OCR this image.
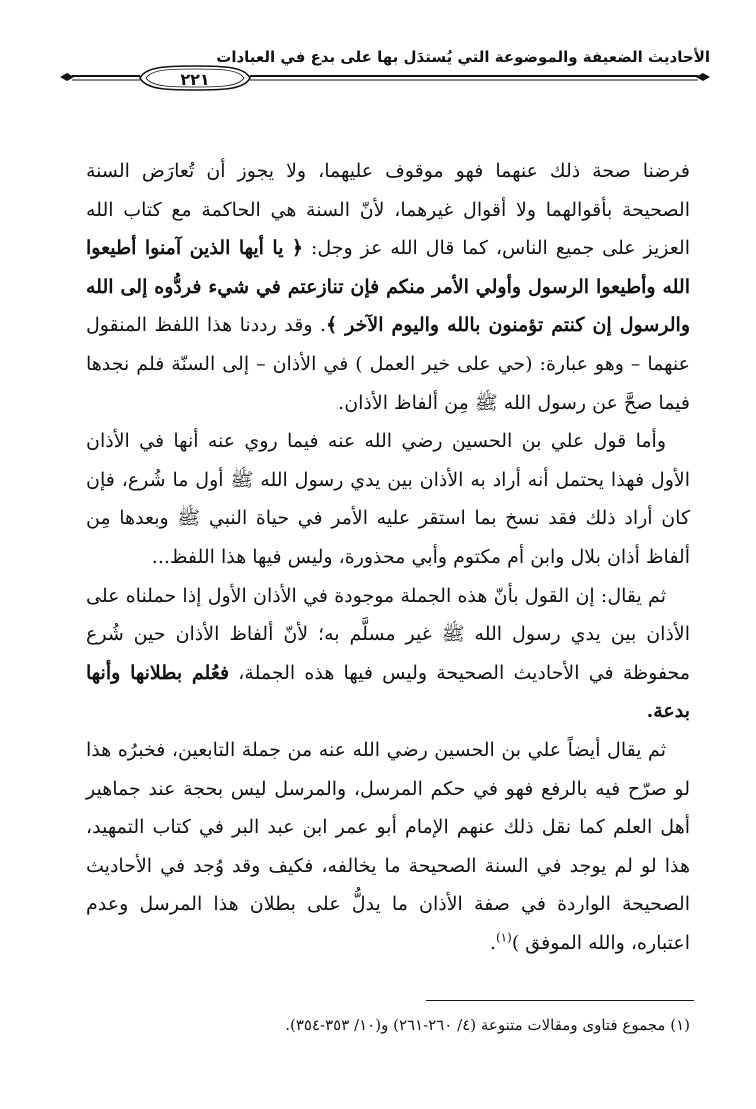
الأحاديث الضعيفة والموضوعة التي يُستدَل بها على بدع في العبادات
٢٢١

فرضنا صحة ذلك عنهما فهو موقوف عليهما، ولا يجوز أن تُعارَض السنة الصحيحة بأقوالهما ولا أقوال غيرهما، لأنّ السنة هي الحاكمة مع كتاب الله العزيز على جميع الناس، كما قال الله عز وجل: ﴿ يا أيها الذين آمنوا أطيعوا الله وأطيعوا الرسول وأولي الأمر منكم فإن تنازعتم في شيء فردُّوه إلى الله والرسول إن كنتم تؤمنون بالله واليوم الآخر ﴾. وقد رددنا هذا اللفظ المنقول عنهما – وهو عبارة: (حي على خير العمل ) في الأذان – إلى السنّة فلم نجدها فيما صحَّ عن رسول الله ﷺ مِن ألفاظ الأذان.

وأما قول علي بن الحسين رضي الله عنه فيما روي عنه أنها في الأذان الأول فهذا يحتمل أنه أراد به الأذان بين يدي رسول الله ﷺ أول ما شُرع، فإن كان أراد ذلك فقد نسخ بما استقر عليه الأمر في حياة النبي ﷺ وبعدها مِن ألفاظ أذان بلال وابن أم مكتوم وأبي محذورة، وليس فيها هذا اللفظ...

ثم يقال: إن القول بأنّ هذه الجملة موجودة في الأذان الأول إذا حملناه على الأذان بين يدي رسول الله ﷺ غير مسلَّم به؛ لأنّ ألفاظ الأذان حين شُرع محفوظة في الأحاديث الصحيحة وليس فيها هذه الجملة، فعُلم بطلانها وأنها بدعة.

ثم يقال أيضاً علي بن الحسين رضي الله عنه من جملة التابعين، فخبرُه هذا لو صرّح فيه بالرفع فهو في حكم المرسل، والمرسل ليس بحجة عند جماهير أهل العلم كما نقل ذلك عنهم الإمام أبو عمر ابن عبد البر في كتاب التمهيد، هذا لو لم يوجد في السنة الصحيحة ما يخالفه، فكيف وقد وُجد في الأحاديث الصحيحة الواردة في صفة الأذان ما يدلُّ على بطلان هذا المرسل وعدم اعتباره، والله الموفق )$^{(١)}$.

(١) مجموع فتاوى ومقالات متنوعة (٤/ ٢٦٠-٢٦١) و(١٠/ ٣٥٣-٣٥٤).
